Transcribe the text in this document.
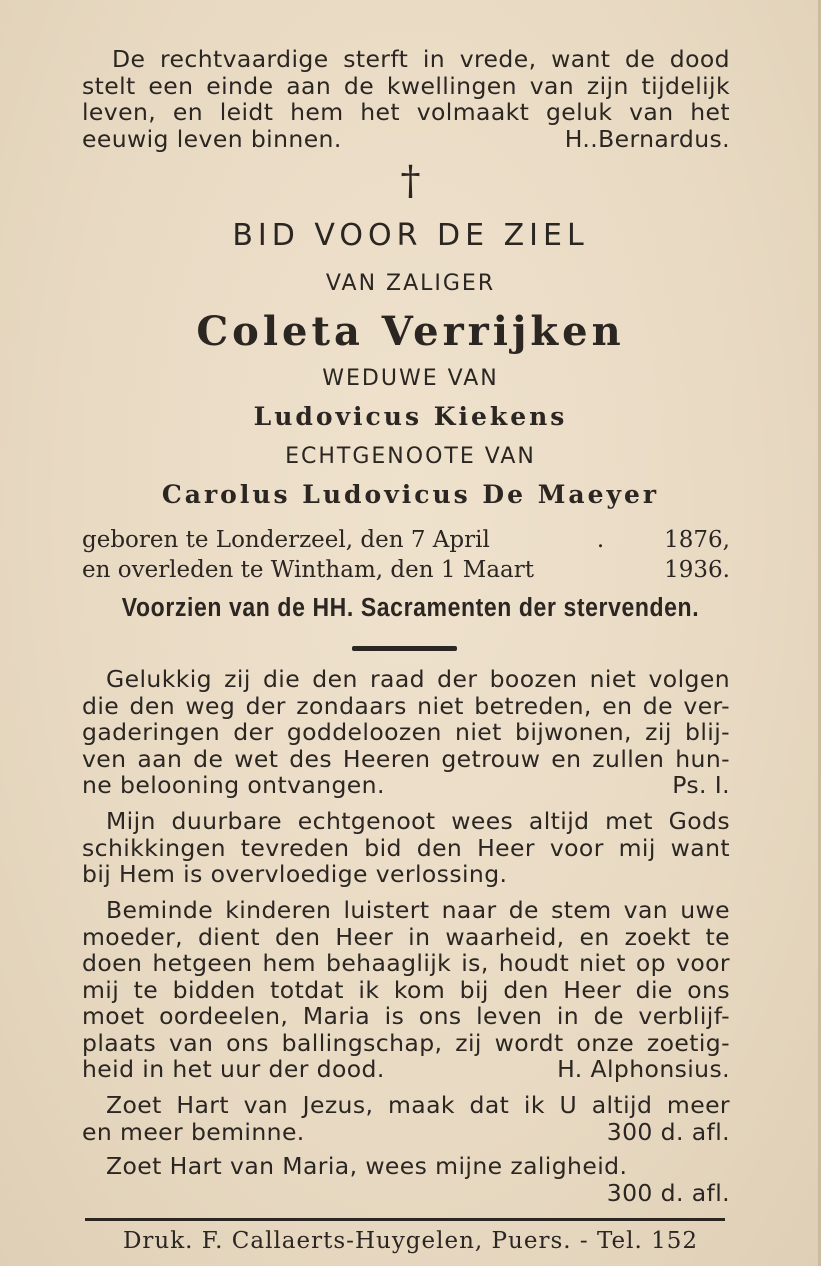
De rechtvaardige sterft in vrede, want de dood
stelt een einde aan de kwellingen van zijn tijdelijk
leven, en leidt hem het volmaakt geluk van het
eeuwig leven binnen.	H..Bernardus.
†
BID VOOR DE ZIEL
VAN ZALIGER
Coleta Verrijken
WEDUWE VAN
Ludovicus Kiekens
ECHTGENOOTE VAN
Carolus Ludovicus De Maeyer
geboren te Londerzeel, den 7 April	.	1876,
en overleden te Wintham, den 1 Maart	1936.
Voorzien van de HH. Sacramenten der stervenden.
Gelukkig zij die den raad der boozen niet volgen
die den weg der zondaars niet betreden, en de ver-
gaderingen der goddeloozen niet bijwonen, zij blij-
ven aan de wet des Heeren getrouw en zullen hun-
ne belooning ontvangen.	Ps. I.
Mijn duurbare echtgenoot wees altijd met Gods
schikkingen tevreden bid den Heer voor mij want
bij Hem is overvloedige verlossing.
Beminde kinderen luistert naar de stem van uwe
moeder, dient den Heer in waarheid, en zoekt te
doen hetgeen hem behaaglijk is, houdt niet op voor
mij te bidden totdat ik kom bij den Heer die ons
moet oordeelen, Maria is ons leven in de verblijf-
plaats van ons ballingschap, zij wordt onze zoetig-
heid in het uur der dood.	H. Alphonsius.
Zoet Hart van Jezus, maak dat ik U altijd meer
en meer beminne.	300 d. afl.
Zoet Hart van Maria, wees mijne zaligheid.
300 d. afl.
Druk. F. Callaerts-Huygelen, Puers. - Tel. 152
